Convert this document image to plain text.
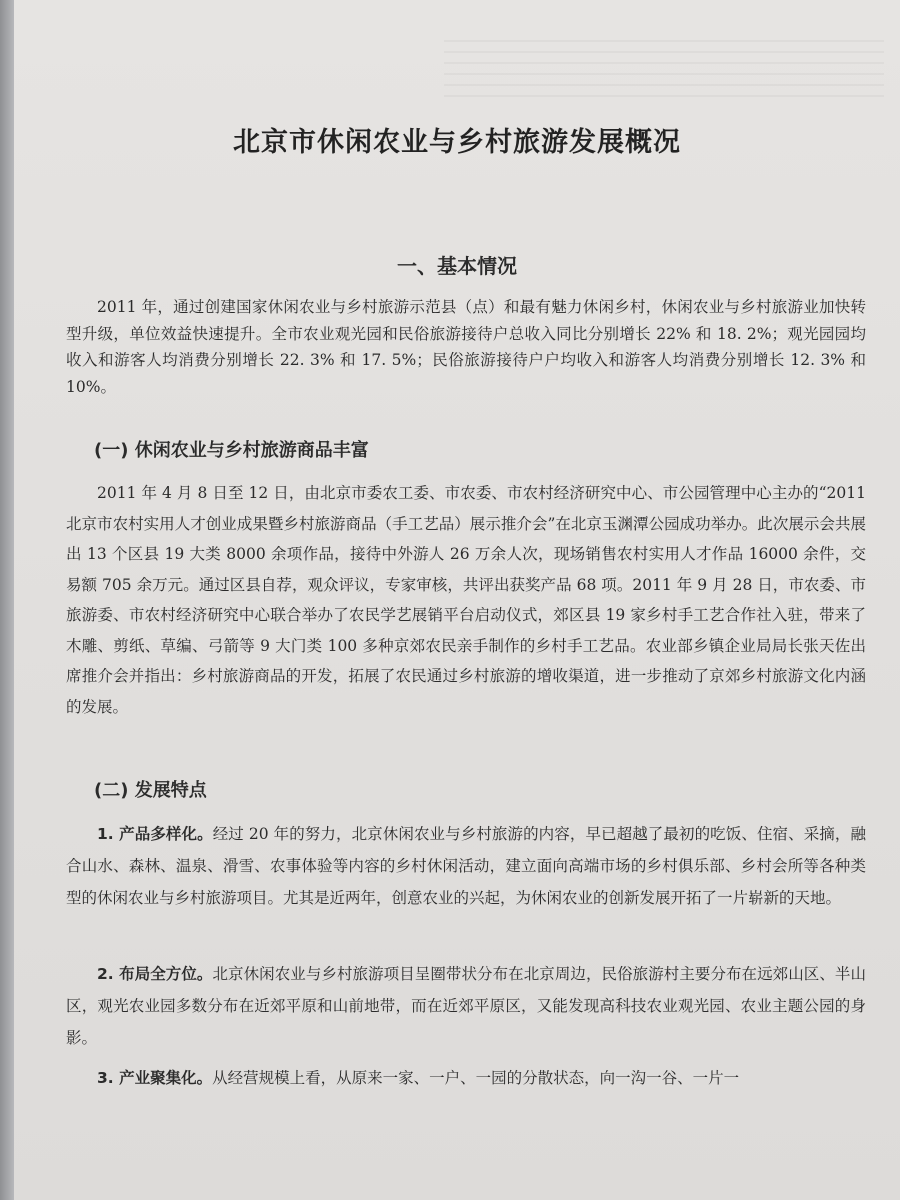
北京市休闲农业与乡村旅游发展概况
一、基本情况

2011 年，通过创建国家休闲农业与乡村旅游示范县（点）和最有魅力休闲乡村，休闲农业与乡村旅游业加快转型升级，单位效益快速提升。全市农业观光园和民俗旅游接待户总收入同比分别增长 22% 和 18. 2%；观光园园均收入和游客人均消费分别增长 22. 3% 和 17. 5%；民俗旅游接待户户均收入和游客人均消费分别增长 12. 3% 和 10%。

(一) 休闲农业与乡村旅游商品丰富

2011 年 4 月 8 日至 12 日，由北京市委农工委、市农委、市农村经济研究中心、市公园管理中心主办的“2011 北京市农村实用人才创业成果暨乡村旅游商品（手工艺品）展示推介会”在北京玉渊潭公园成功举办。此次展示会共展出 13 个区县 19 大类 8000 余项作品，接待中外游人 26 万余人次，现场销售农村实用人才作品 16000 余件，交易额 705 余万元。通过区县自荐，观众评议，专家审核，共评出获奖产品 68 项。2011 年 9 月 28 日，市农委、市旅游委、市农村经济研究中心联合举办了农民学艺展销平台启动仪式，郊区县 19 家乡村手工艺合作社入驻，带来了木雕、剪纸、草编、弓箭等 9 大门类 100 多种京郊农民亲手制作的乡村手工艺品。农业部乡镇企业局局长张天佐出席推介会并指出：乡村旅游商品的开发，拓展了农民通过乡村旅游的增收渠道，进一步推动了京郊乡村旅游文化内涵的发展。

(二) 发展特点

1. 产品多样化。经过 20 年的努力，北京休闲农业与乡村旅游的内容，早已超越了最初的吃饭、住宿、采摘，融合山水、森林、温泉、滑雪、农事体验等内容的乡村休闲活动，建立面向高端市场的乡村俱乐部、乡村会所等各种类型的休闲农业与乡村旅游项目。尤其是近两年，创意农业的兴起，为休闲农业的创新发展开拓了一片崭新的天地。

2. 布局全方位。北京休闲农业与乡村旅游项目呈圈带状分布在北京周边，民俗旅游村主要分布在远郊山区、半山区，观光农业园多数分布在近郊平原和山前地带，而在近郊平原区，又能发现高科技农业观光园、农业主题公园的身影。

3. 产业聚集化。从经营规模上看，从原来一家、一户、一园的分散状态，向一沟一谷、一片一
